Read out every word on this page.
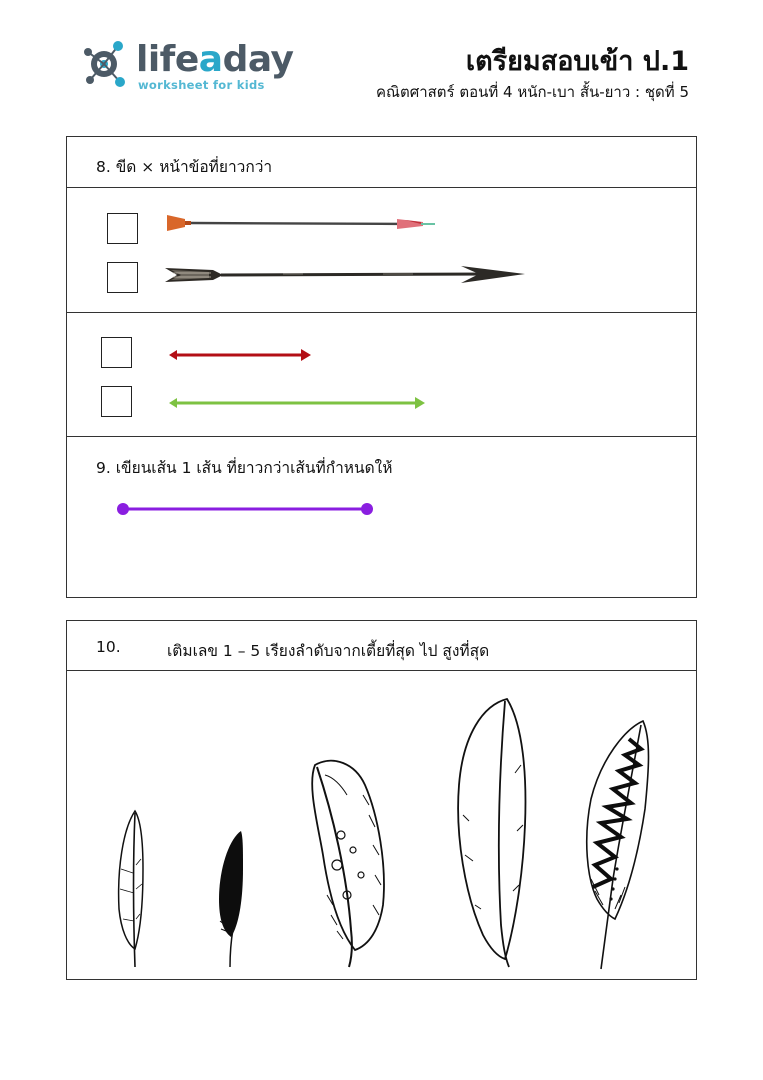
lifeaday
worksheet for kids
เตรียมสอบเข้า ป.1
คณิตศาสตร์ ตอนที่ 4 หนัก-เบา สั้น-ยาว : ชุดที่ 5
8. ขีด × หน้าข้อที่ยาวกว่า
9. เขียนเส้น 1 เส้น ที่ยาวกว่าเส้นที่กำหนดให้
10.	เติมเลข 1 – 5 เรียงลำดับจากเตี้ยที่สุด ไป สูงที่สุด
